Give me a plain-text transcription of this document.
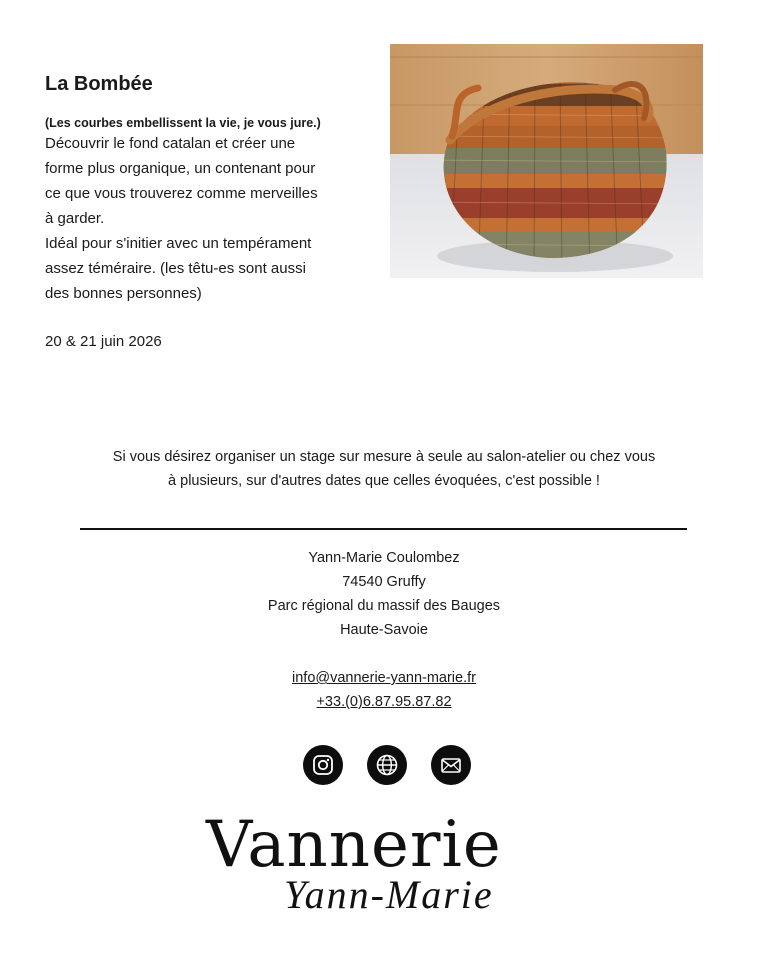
La Bombée

(Les courbes embellissent la vie, je vous jure.)

Découvrir le fond catalan et créer une
forme plus organique, un contenant pour
ce que vous trouverez comme merveilles
à garder.
Idéal pour s'initier avec un tempérament
assez téméraire. (les têtu-es sont aussi
des bonnes personnes)

20 & 21 juin 2026

Si vous désirez organiser un stage sur mesure à seule au salon-atelier ou chez vous
à plusieurs, sur d'autres dates que celles évoquées, c'est possible !
Yann-Marie Coulombez
74540 Gruffy
Parc régional du massif des Bauges
Haute-Savoie
info@vannerie-yann-marie.fr
+33.(0)6.87.95.87.82
Vannerie
Yann-Marie
